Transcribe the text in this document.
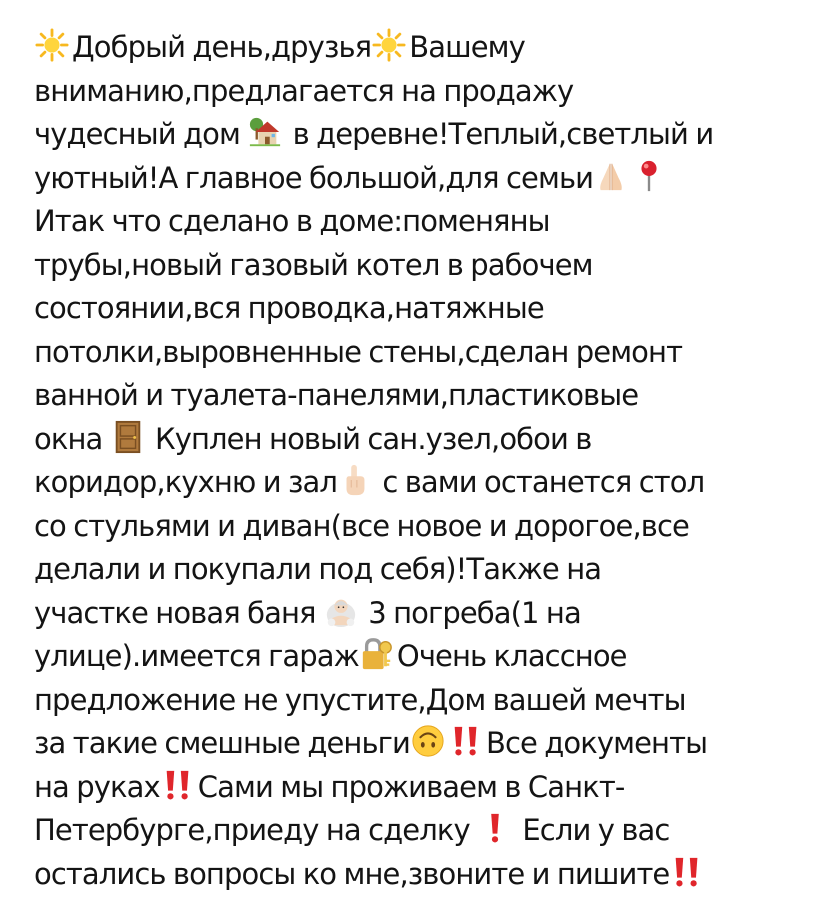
Добрый день,друзья Вашему
вниманию,предлагается на продажу
чудесный дом
в деревне!Теплый,светлый и
уютный!А главное большой,для семьи
Итак что сделано в доме:поменяны
трубы,новый газовый котел в рабочем
состоянии,вся проводка,натяжные
потолки,выровненные стены,сделан ремонт
ванной и туалета-панелями,пластиковые
окна
Куплен новый сан.узел,обои в
коридор,кухню и зал
с вами останется стол
со стульями и диван(все новое и дорогое,все
делали и покупали под себя)!Также на
участке новая баня
3 погреба(1 на
улице).имеется гараж Очень классное
предложение не упустите,Дом вашей мечты
за такие смешные деньги	Все документы
на руках Сами мы проживаем в Санкт-
Петербурге,приеду на сделку
Если у вас
остались вопросы ко мне,звоните и пишите
